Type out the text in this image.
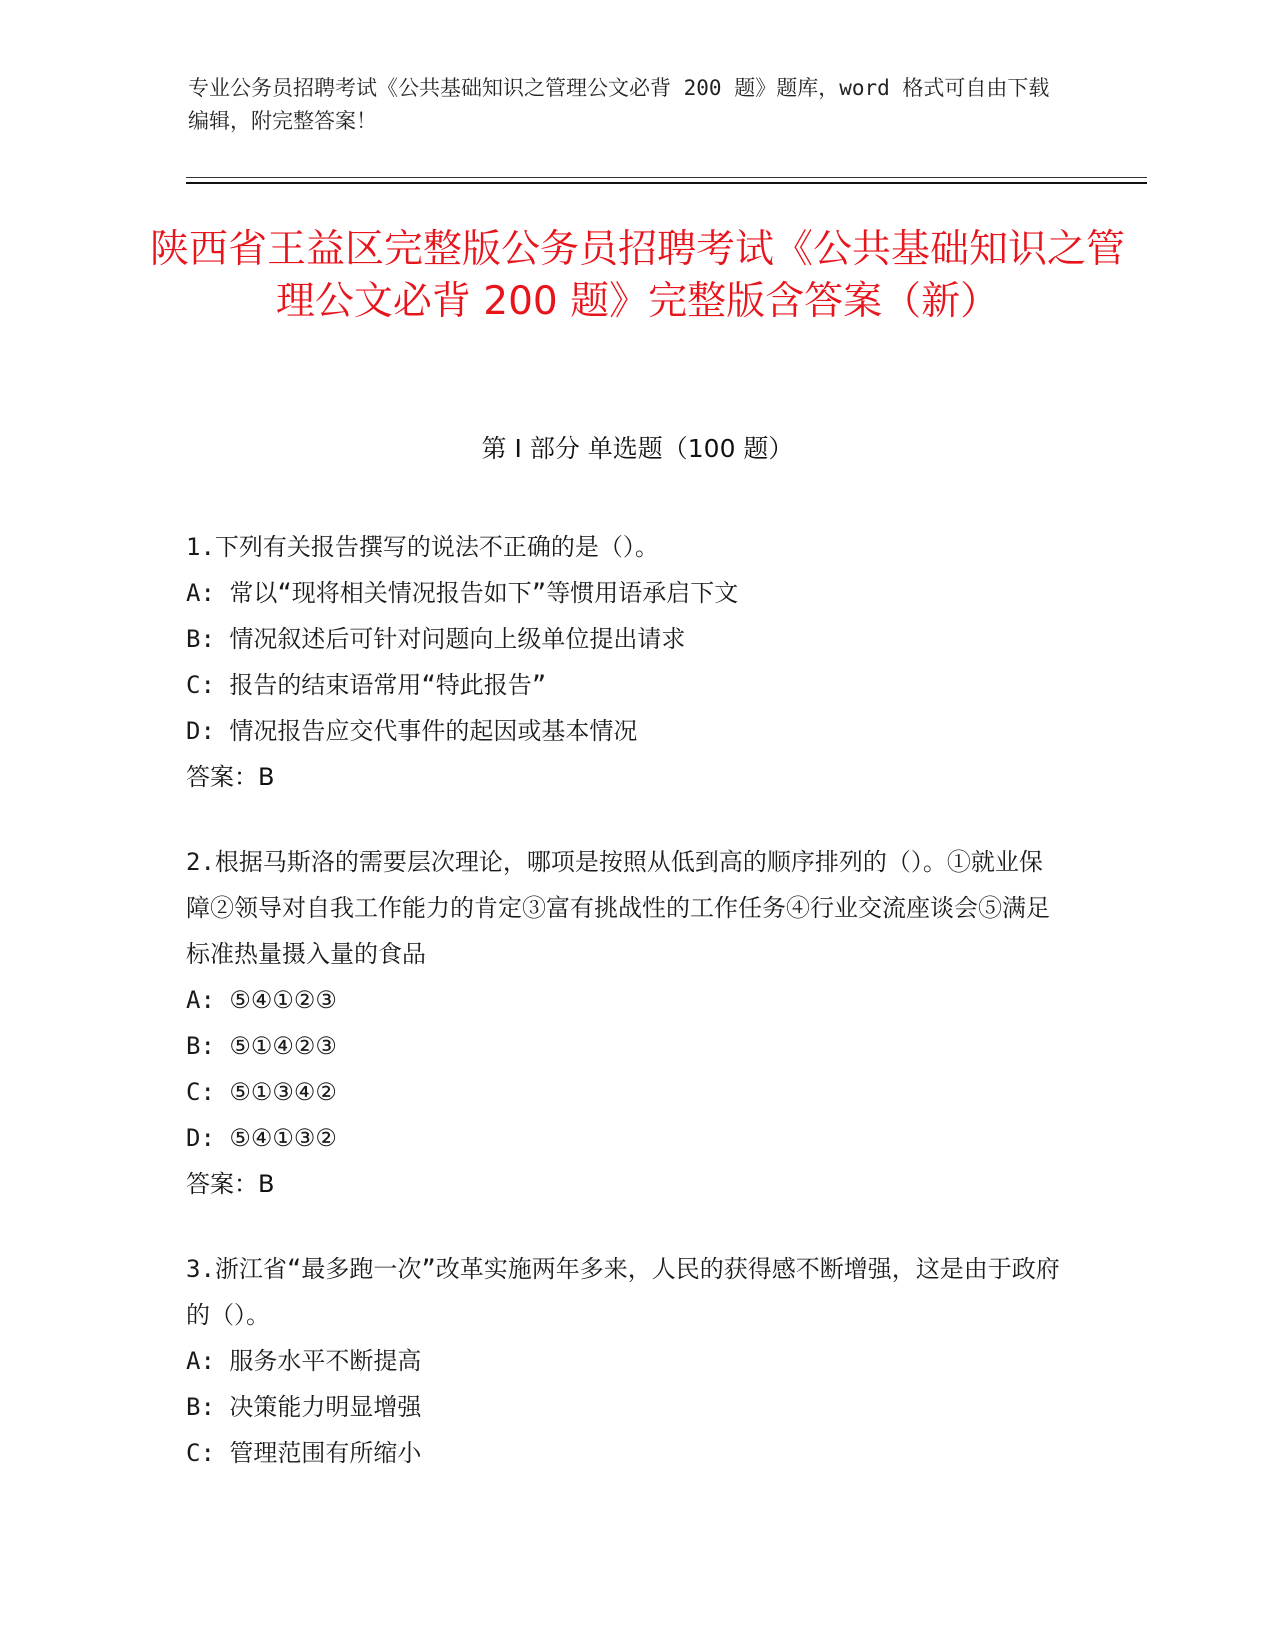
专业公务员招聘考试《公共基础知识之管理公文必背 200 题》题库，word 格式可自由下载编辑，附完整答案！
陕西省王益区完整版公务员招聘考试《公共基础知识之管理公文必背 200 题》完整版含答案（新）
第 I 部分 单选题（100 题）
1.下列有关报告撰写的说法不正确的是（）。
A: 常以“现将相关情况报告如下”等惯用语承启下文
B: 情况叙述后可针对问题向上级单位提出请求
C: 报告的结束语常用“特此报告”
D: 情况报告应交代事件的起因或基本情况
答案：B
2.根据马斯洛的需要层次理论，哪项是按照从低到高的顺序排列的（）。①就业保障②领导对自我工作能力的肯定③富有挑战性的工作任务④行业交流座谈会⑤满足标准热量摄入量的食品
A: ⑤④①②③
B: ⑤①④②③
C: ⑤①③④②
D: ⑤④①③②
答案：B
3.浙江省“最多跑一次”改革实施两年多来，人民的获得感不断增强，这是由于政府的（）。
A: 服务水平不断提高
B: 决策能力明显增强
C: 管理范围有所缩小
